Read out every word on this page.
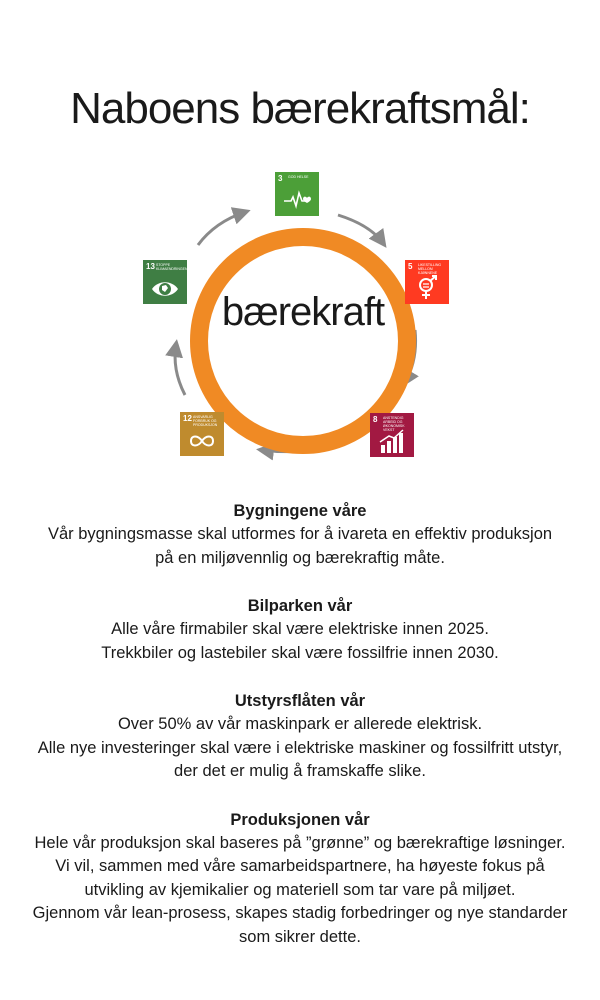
Naboens bærekraftsmål:
bærekraft
3 GOD HELSE
5 LIKESTILLING MELLOM KJØNNENE
8 ANSTENDIG ARBEID OG ØKONOMISK VEKST
12 ANSVARLIG FORBRUK OG PRODUKSJON
13 STOPPE KLIMAENDRINGENE
Bygningene våre

Vår bygningsmasse skal utformes for å ivareta en effektiv produksjon

på en miljøvennlig og bærekraftig måte.

Bilparken vår

Alle våre firmabiler skal være elektriske innen 2025.

Trekkbiler og lastebiler skal være fossilfrie innen 2030.

Utstyrsflåten vår

Over 50% av vår maskinpark er allerede elektrisk.

Alle nye investeringer skal være i elektriske maskiner og fossilfritt utstyr,

der det er mulig å framskaffe slike.

Produksjonen vår

Hele vår produksjon skal baseres på ”grønne” og bærekraftige løsninger.

Vi vil, sammen med våre samarbeidspartnere, ha høyeste fokus på

utvikling av kjemikalier og materiell som tar vare på miljøet.

Gjennom vår lean-prosess, skapes stadig forbedringer og nye standarder

som sikrer dette.
